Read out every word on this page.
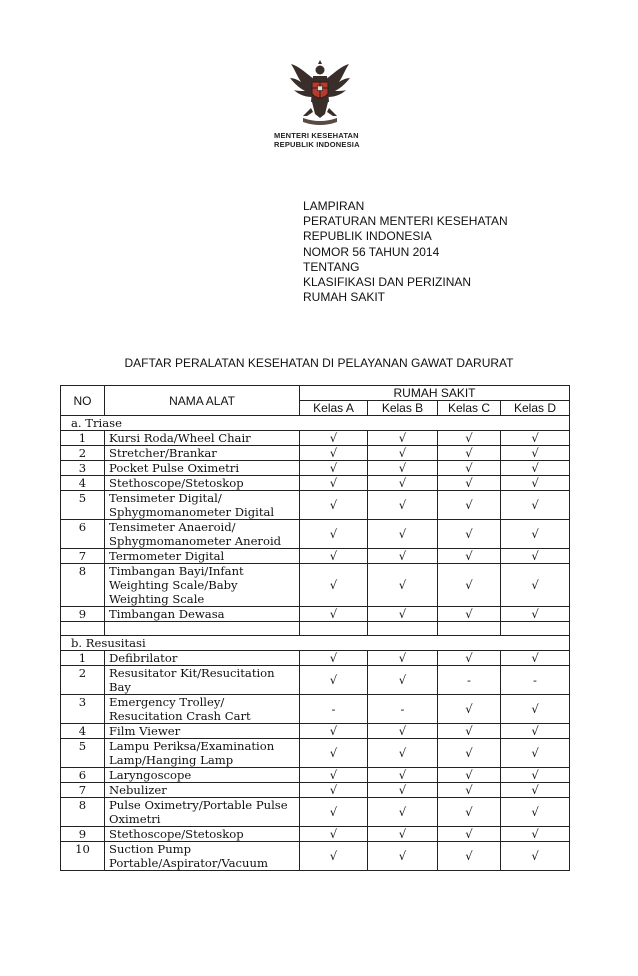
MENTERI KESEHATAN
REPUBLIK INDONESIA
LAMPIRAN
PERATURAN MENTERI KESEHATAN
REPUBLIK INDONESIA
NOMOR 56 TAHUN 2014
TENTANG
KLASIFIKASI DAN PERIZINAN
RUMAH SAKIT
DAFTAR PERALATAN KESEHATAN DI PELAYANAN GAWAT DARURAT
NO	NAMA ALAT	RUMAH SAKIT			
		Kelas A	Kelas B	Kelas C	Kelas D
a. Triase					
1	Kursi Roda/Wheel Chair	√	√	√	√
2	Stretcher/Brankar	√	√	√	√
3	Pocket Pulse Oximetri	√	√	√	√
4	Stethoscope/Stetoskop	√	√	√	√
5	Tensimeter Digital/ Sphygmomanometer Digital	√	√	√	√
6	Tensimeter Anaeroid/ Sphygmomanometer Aneroid	√	√	√	√
7	Termometer Digital	√	√	√	√
8	Timbangan Bayi/Infant Weighting Scale/Baby Weighting Scale	√	√	√	√
9	Timbangan Dewasa	√	√	√	√

b. Resusitasi					
1	Defibrilator	√	√	√	√
2	Resusitator Kit/Resucitation Bay	√	√	-	-
3	Emergency Trolley/ Resucitation Crash Cart	-	-	√	√
4	Film Viewer	√	√	√	√
5	Lampu Periksa/Examination Lamp/Hanging Lamp	√	√	√	√
6	Laryngoscope	√	√	√	√
7	Nebulizer	√	√	√	√
8	Pulse Oximetry/Portable Pulse Oximetri	√	√	√	√
9	Stethoscope/Stetoskop	√	√	√	√
10	Suction Pump Portable/Aspirator/Vacuum	√	√	√	√
